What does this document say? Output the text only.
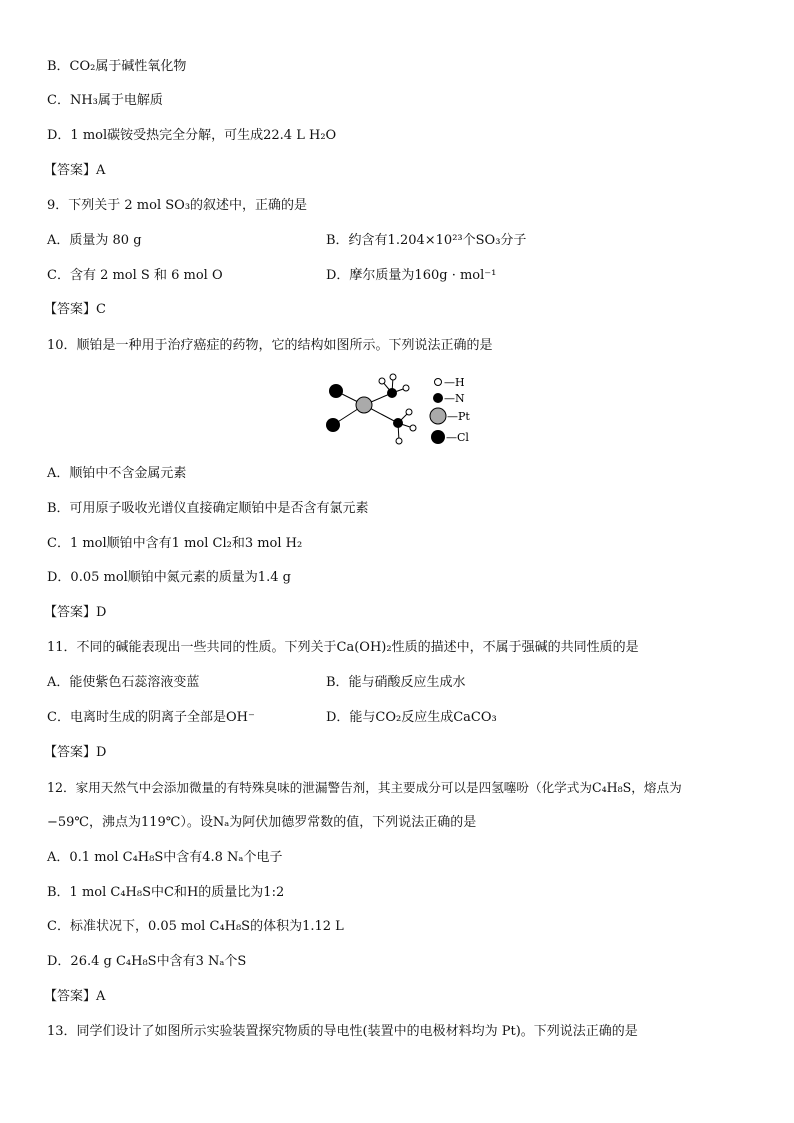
B．CO₂属于碱性氧化物
C．NH₃属于电解质
D．1 mol碳铵受热完全分解，可生成22.4 L H₂O
【答案】A
9．下列关于 2 mol SO₃的叙述中，正确的是
A．质量为 80 g	B．约含有1.204×10²³个SO₃分子
C．含有 2 mol S 和 6 mol O	D．摩尔质量为160g · mol⁻¹
【答案】C
10．顺铂是一种用于治疗癌症的药物，它的结构如图所示。下列说法正确的是
—H
—N
—Pt
—Cl
A．顺铂中不含金属元素
B．可用原子吸收光谱仪直接确定顺铂中是否含有氯元素
C．1 mol顺铂中含有1 mol Cl₂和3 mol H₂
D．0.05 mol顺铂中氮元素的质量为1.4 g
【答案】D
11．不同的碱能表现出一些共同的性质。下列关于Ca(OH)₂性质的描述中，不属于强碱的共同性质的是
A．能使紫色石蕊溶液变蓝	B．能与硝酸反应生成水
C．电离时生成的阴离子全部是OH⁻	D．能与CO₂反应生成CaCO₃
【答案】D
12．家用天然气中会添加微量的有特殊臭味的泄漏警告剂，其主要成分可以是四氢噻吩（化学式为C₄H₈S，熔点为
−59℃，沸点为119℃）。设Nₐ为阿伏加德罗常数的值，下列说法正确的是
A．0.1 mol C₄H₈S中含有4.8 Nₐ个电子
B．1 mol C₄H₈S中C和H的质量比为1:2
C．标准状况下，0.05 mol C₄H₈S的体积为1.12 L
D．26.4 g C₄H₈S中含有3 Nₐ个S
【答案】A
13．同学们设计了如图所示实验装置探究物质的导电性(装置中的电极材料均为 Pt)。下列说法正确的是
